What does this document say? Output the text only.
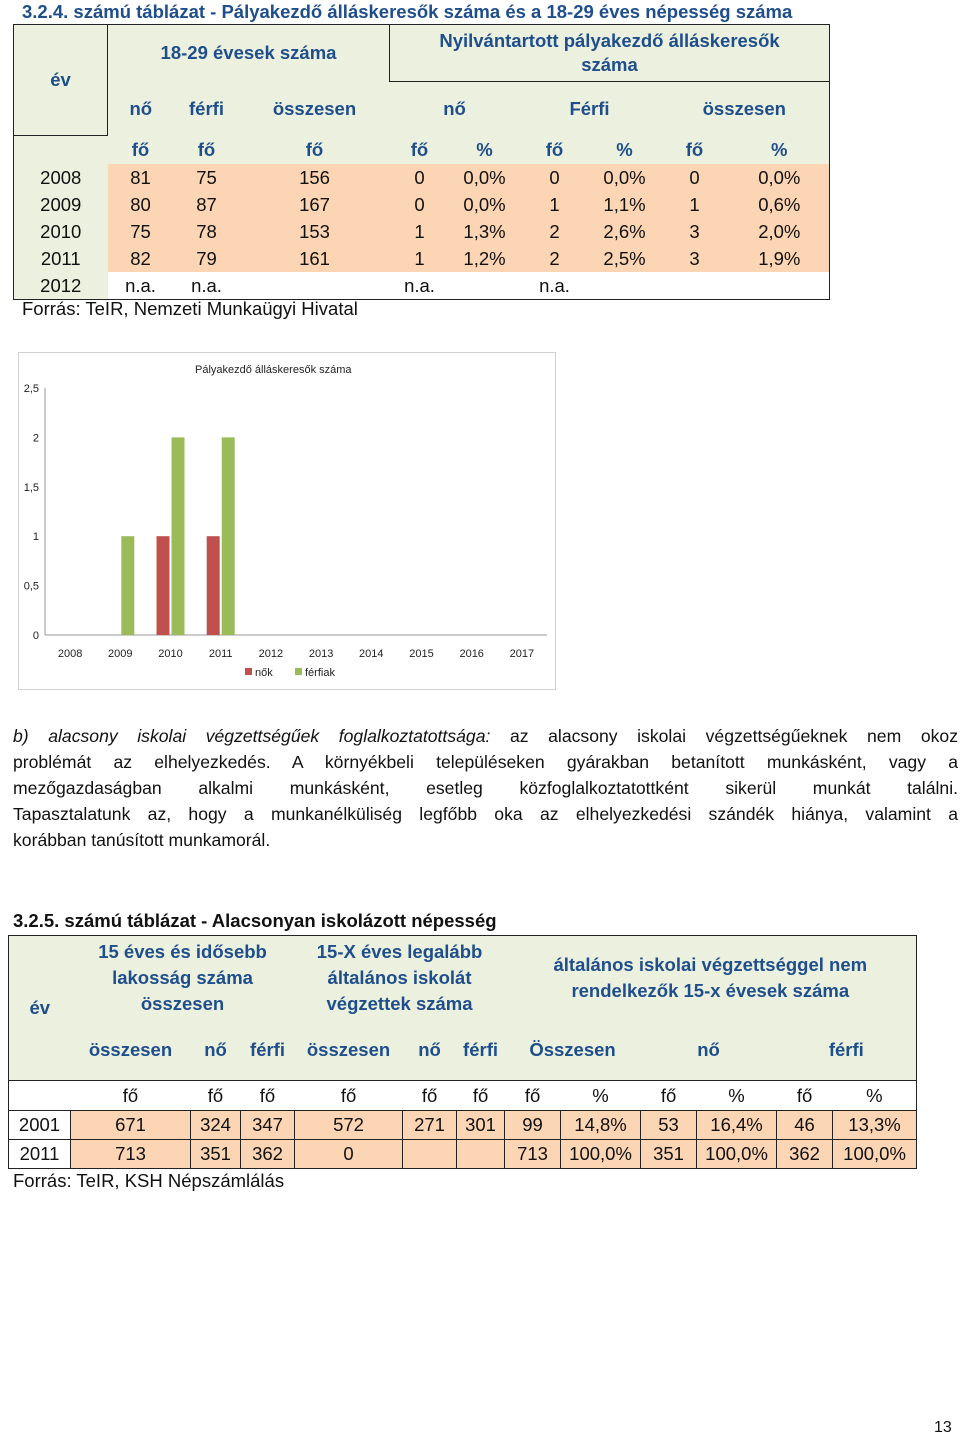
3.2.4. számú táblázat - Pályakezdő álláskeresők száma és a 18-29 éves népesség száma
év	18-29 évesek száma			Nyilvántartott pályakezdő álláskeresők száma					
	nő	férfi	összesen	nő		Férfi		összesen	
	fő	fő	fő	fő	%	fő	%	fő	%
2008	81	75	156	0	0,0%	0	0,0%	0	0,0%
2009	80	87	167	0	0,0%	1	1,1%	1	0,6%
2010	75	78	153	1	1,3%	2	2,6%	3	2,0%
2011	82	79	161	1	1,2%	2	2,5%	3	1,9%
2012	n.a.	n.a.		n.a.		n.a.			
Forrás: TeIR, Nemzeti Munkaügyi Hivatal
Pályakezdő álláskeresők száma
0
0,5
1
1,5
2
2,5
2008 2009 2010 2011 2012 2013 2014 2015 2016 2017
nők	férfiak
b) alacsony iskolai végzettségűek foglalkoztatottsága: az alacsony iskolai végzettségűeknek nem okoz
problémát az elhelyezkedés. A környékbeli településeken gyárakban betanított munkásként, vagy a
mezőgazdaságban alkalmi munkásként, esetleg közfoglalkoztatottként sikerül munkát találni.
Tapasztalatunk az, hogy a munkanélküliség legfőbb oka az elhelyezkedési szándék hiánya, valamint a
korábban tanúsított munkamorál.
3.2.5. számú táblázat - Alacsonyan iskolázott népesség
év	15 éves és idősebb lakosság száma összesen			15-X éves legalább általános iskolát végzettek száma			általános iskolai végzettséggel nem rendelkezők 15-x évesek száma					
	összesen	nő	férfi	összesen	nő	férfi	Összesen		nő		férfi	
	fő	fő	fő	fő	fő	fő	fő	%	fő	%	fő	%
2001	671	324	347	572	271	301	99	14,8%	53	16,4%	46	13,3%
2011	713	351	362	0			713	100,0%	351	100,0%	362	100,0%
Forrás: TeIR, KSH Népszámlálás
13
